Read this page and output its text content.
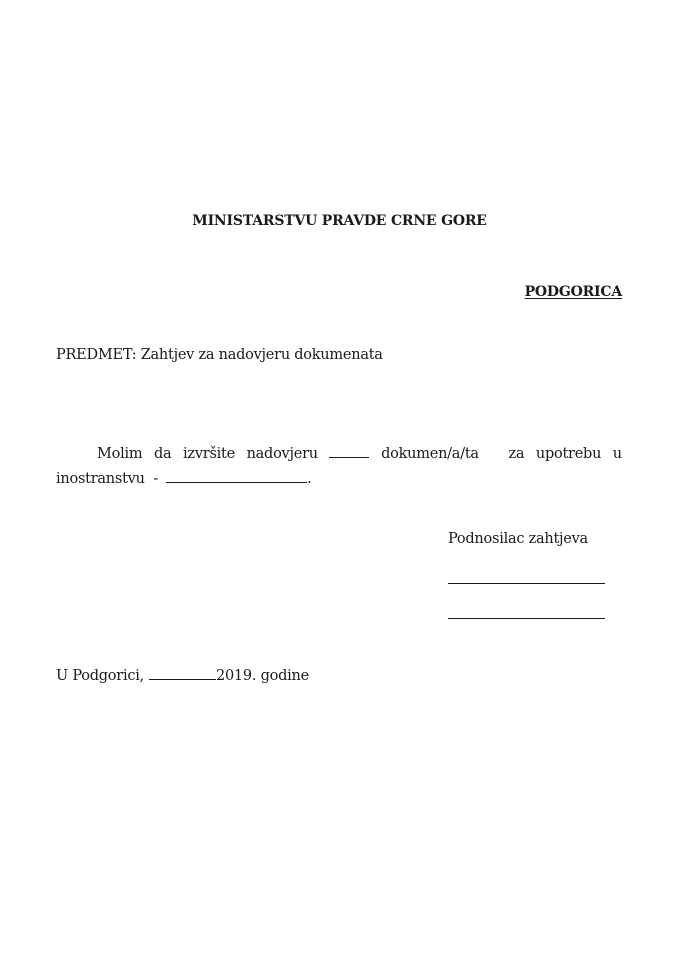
MINISTARSTVU PRAVDE CRNE GORE
PODGORICA
PREDMET: Zahtjev za nadovjeru dokumenata
Molim da izvršite nadovjeru	dokumen/a/ta za upotrebu u
inostranstvu  -	.
Podnosilac zahtjeva
U Podgorici,	2019. godine
